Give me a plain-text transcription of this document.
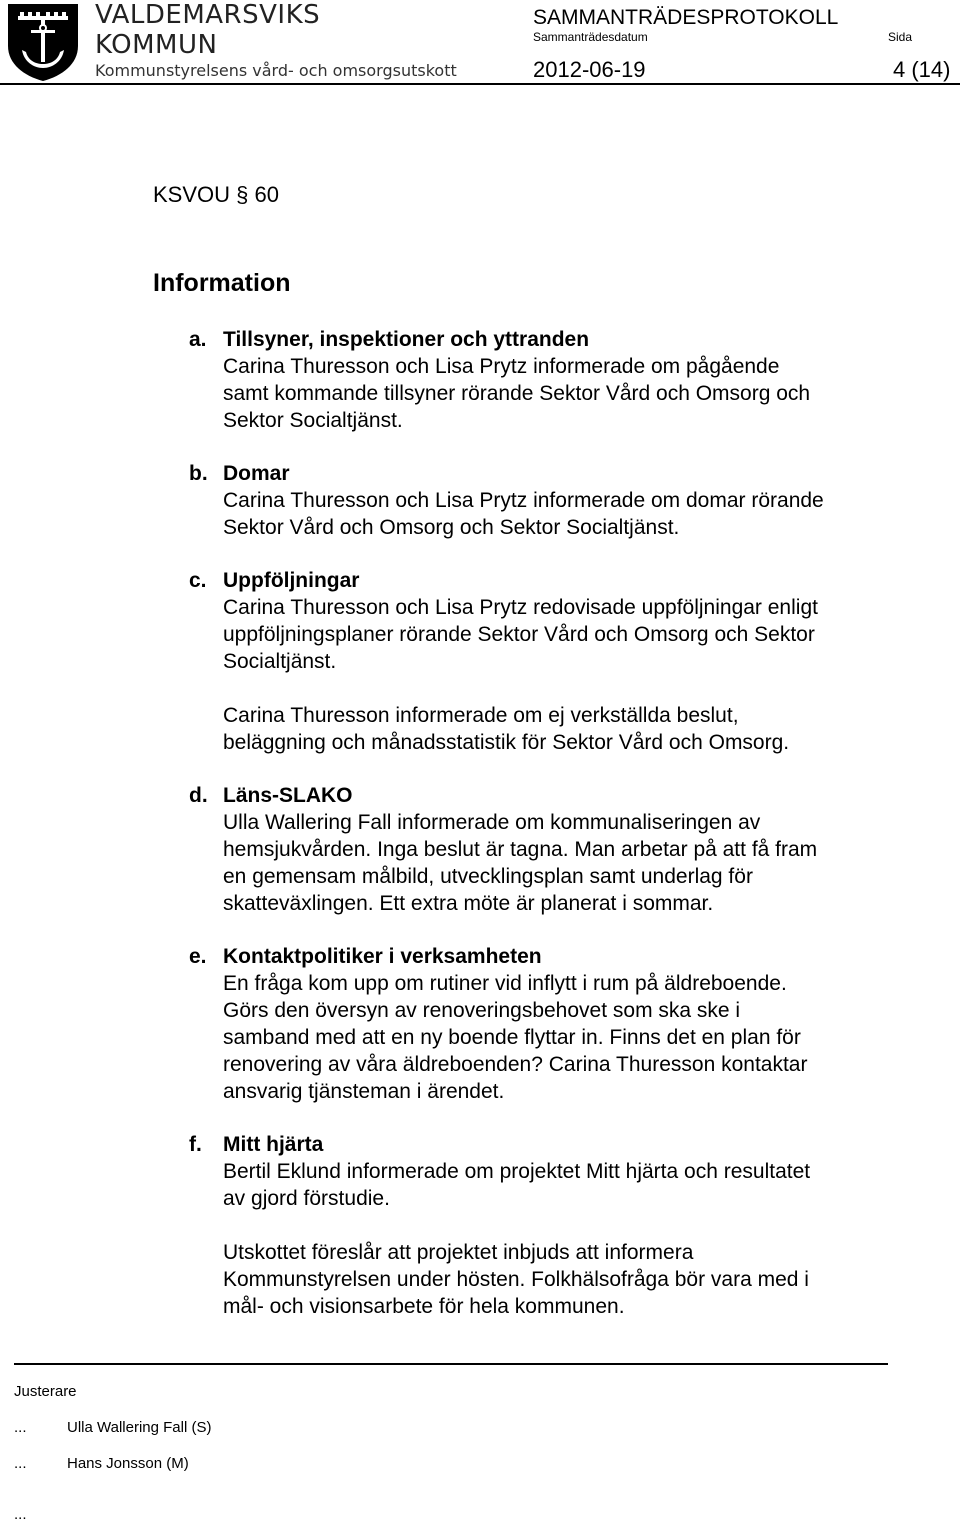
VALDEMARSVIKS
KOMMUN
Kommunstyrelsens vård- och omsorgsutskott
SAMMANTRÄDESPROTOKOLL
Sammanträdesdatum	Sida
2012-06-19	4 (14)
KSVOU § 60
Information
a. Tillsyner, inspektioner och yttranden

Carina Thuresson och Lisa Prytz informerade om pågående
samt kommande tillsyner rörande Sektor Vård och Omsorg och
Sektor Socialtjänst.

b. Domar

Carina Thuresson och Lisa Prytz informerade om domar rörande
Sektor Vård och Omsorg och Sektor Socialtjänst.

c. Uppföljningar

Carina Thuresson och Lisa Prytz redovisade uppföljningar enligt
uppföljningsplaner rörande Sektor Vård och Omsorg och Sektor
Socialtjänst.

Carina Thuresson informerade om ej verkställda beslut,
beläggning och månadsstatistik för Sektor Vård och Omsorg.

d. Läns-SLAKO

Ulla Wallering Fall informerade om kommunaliseringen av
hemsjukvården. Inga beslut är tagna. Man arbetar på att få fram
en gemensam målbild, utvecklingsplan samt underlag för
skatteväxlingen. Ett extra möte är planerat i sommar.

e. Kontaktpolitiker i verksamheten

En fråga kom upp om rutiner vid inflytt i rum på äldreboende.
Görs den översyn av renoveringsbehovet som ska ske i
samband med att en ny boende flyttar in. Finns det en plan för
renovering av våra äldreboenden? Carina Thuresson kontaktar
ansvarig tjänsteman i ärendet.

f.	Mitt hjärta

Bertil Eklund informerade om projektet Mitt hjärta och resultatet
av gjord förstudie.

Utskottet föreslår att projektet inbjuds att informera
Kommunstyrelsen under hösten. Folkhälsofråga bör vara med i
mål- och visionsarbete för hela kommunen.

Justerare
...	Ulla Wallering Fall (S)
...	Hans Jonsson (M)
...
